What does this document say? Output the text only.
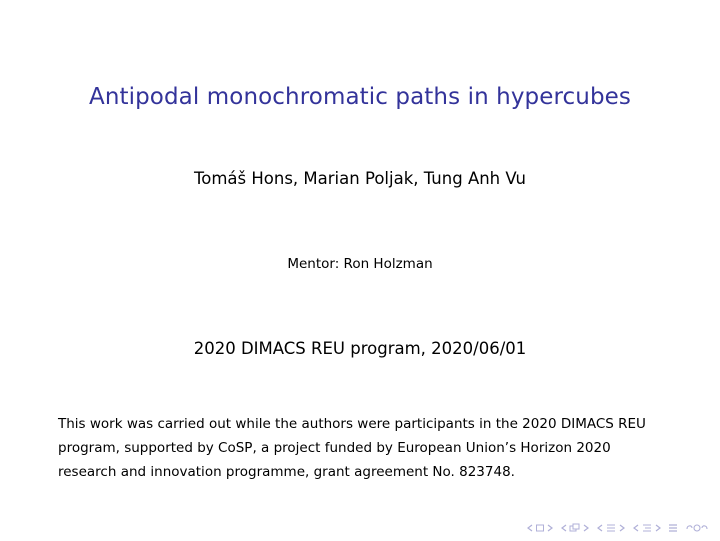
Antipodal monochromatic paths in hypercubes
Tomáš Hons, Marian Poljak, Tung Anh Vu
Mentor: Ron Holzman
2020 DIMACS REU program, 2020/06/01
This work was carried out while the authors were participants in the 2020 DIMACS REU program, supported by CoSP, a project funded by European Union’s Horizon 2020 research and innovation programme, grant agreement No. 823748.
